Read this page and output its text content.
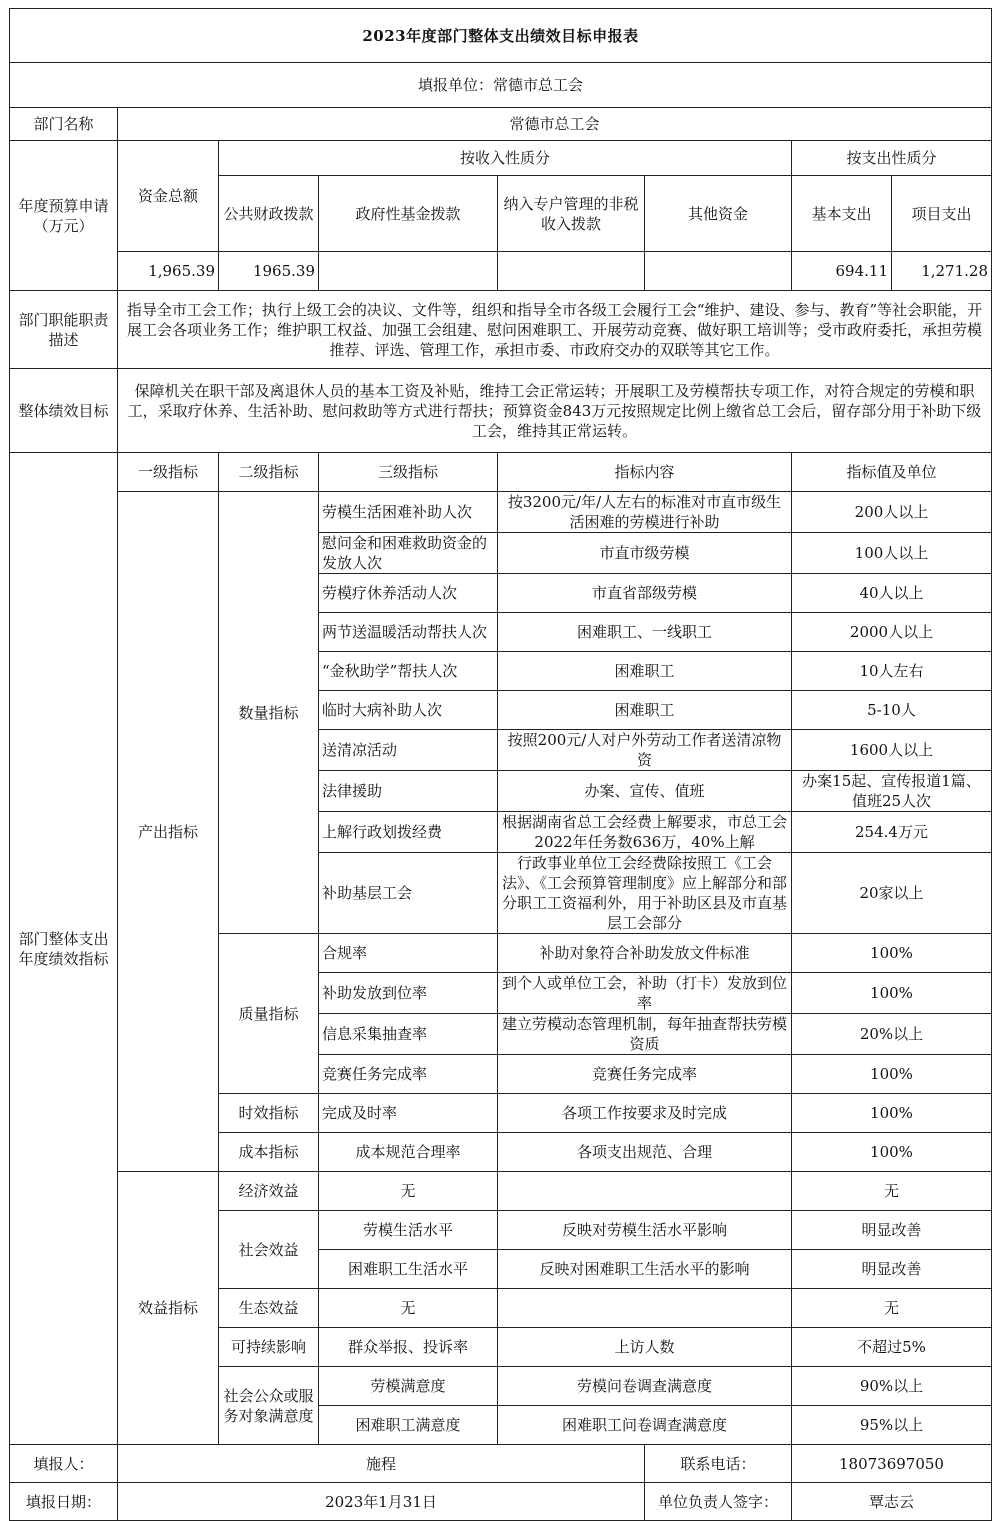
2023年度部门整体支出绩效目标申报表							
填报单位：常德市总工会							
部门名称	常德市总工会						
年度预算申请（万元）	资金总额	按收入性质分				按支出性质分	
		公共财政拨款	政府性基金拨款	纳入专户管理的非税收入拨款	其他资金	基本支出	项目支出
	1,965.39	1965.39				694.11	1,271.28
部门职能职责描述	指导全市工会工作；执行上级工会的决议、文件等，组织和指导全市各级工会履行工会“维护、建设、参与、教育”等社会职能，开展工会各项业务工作；维护职工权益、加强工会组建、慰问困难职工、开展劳动竞赛、做好职工培训等；受市政府委托，承担劳模推荐、评选、管理工作，承担市委、市政府交办的双联等其它工作。						
整体绩效目标	保障机关在职干部及离退休人员的基本工资及补贴，维持工会正常运转；开展职工及劳模帮扶专项工作，对符合规定的劳模和职工，采取疗休养、生活补助、慰问救助等方式进行帮扶；预算资金843万元按照规定比例上缴省总工会后，留存部分用于补助下级工会，维持其正常运转。						
部门整体支出年度绩效指标	一级指标	二级指标	三级指标	指标内容		指标值及单位	
	产出指标	数量指标	劳模生活困难补助人次	按3200元/年/人左右的标准对市直市级生活困难的劳模进行补助		200人以上	
			慰问金和困难救助资金的发放人次	市直市级劳模		100人以上	
			劳模疗休养活动人次	市直省部级劳模		40人以上	
			两节送温暖活动帮扶人次	困难职工、一线职工		2000人以上	
			“金秋助学”帮扶人次	困难职工		10人左右	
			临时大病补助人次	困难职工		5-10人	
			送清凉活动	按照200元/人对户外劳动工作者送清凉物资		1600人以上	
			法律援助	办案、宣传、值班		办案15起、宣传报道1篇、值班25人次	
			上解行政划拨经费	根据湖南省总工会经费上解要求，市总工会2022年任务数636万，40%上解		254.4万元	
			补助基层工会	行政事业单位工会经费除按照工《工会法》、《工会预算管理制度》应上解部分和部分职工工资福利外，用于补助区县及市直基层工会部分		20家以上	
		质量指标	合规率	补助对象符合补助发放文件标准		100%	
			补助发放到位率	到个人或单位工会，补助（打卡）发放到位率		100%	
			信息采集抽查率	建立劳模动态管理机制，每年抽查帮扶劳模资质		20%以上	
			竞赛任务完成率	竞赛任务完成率		100%	
		时效指标	完成及时率	各项工作按要求及时完成		100%	
		成本指标	成本规范合理率	各项支出规范、合理		100%	
	效益指标	经济效益	无			无	
		社会效益	劳模生活水平	反映对劳模生活水平影响		明显改善	
			困难职工生活水平	反映对困难职工生活水平的影响		明显改善	
		生态效益	无			无	
		可持续影响	群众举报、投诉率	上访人数		不超过5%	
		社会公众或服务对象满意度	劳模满意度	劳模问卷调查满意度		90%以上	
			困难职工满意度	困难职工问卷调查满意度		95%以上	
填报人：	施程				联系电话：	18073697050	
填报日期：	2023年1月31日				单位负责人签字：	覃志云	
